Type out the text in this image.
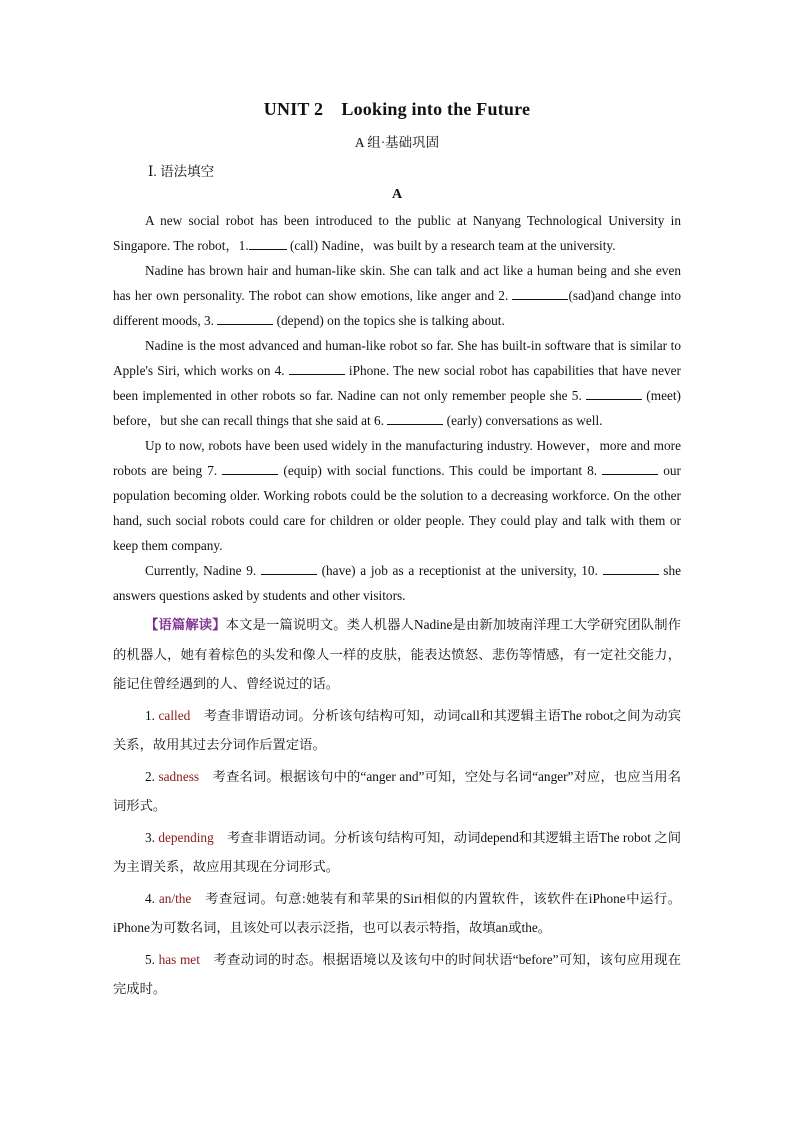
UNIT 2　Looking into the Future
A 组·基础巩固
Ⅰ. 语法填空
A

A new social robot has been introduced to the public at Nanyang Technological University in Singapore. The robot，1.	(call) Nadine，was built by a research team at the university.

Nadine has brown hair and human-like skin. She can talk and act like a human being and she even has her own personality. The robot can show emotions, like anger and 2.	(sad)and change into different moods, 3.	(depend) on the topics she is talking about.

Nadine is the most advanced and human-like robot so far. She has built-in software that is similar to Apple's Siri, which works on 4.	iPhone. The new social robot has capabilities that have never been implemented in other robots so far. Nadine can not only remember people she 5.	(meet) before，but she can recall things that she said at 6.	(early) conversations as well.

Up to now, robots have been used widely in the manufacturing industry. However，more and more robots are being 7.	(equip) with social functions. This could be important 8.	our population becoming older. Working robots could be the solution to a decreasing workforce. On the other hand, such social robots could care for children or older people. They could play and talk with them or keep them company.

Currently, Nadine 9.	(have) a job as a receptionist at the university, 10.	she answers questions asked by students and other visitors.

【语篇解读】本文是一篇说明文。类人机器人Nadine是由新加坡南洋理工大学研究团队制作的机器人，她有着棕色的头发和像人一样的皮肤，能表达愤怒、悲伤等情感，有一定社交能力，能记住曾经遇到的人、曾经说过的话。

1. called  考查非谓语动词。分析该句结构可知，动词call和其逻辑主语The robot之间为动宾关系，故用其过去分词作后置定语。

2. sadness  考查名词。根据该句中的“anger and”可知，空处与名词“anger”对应，也应当用名词形式。

3. depending  考查非谓语动词。分析该句结构可知，动词depend和其逻辑主语The robot 之间为主谓关系，故应用其现在分词形式。

4. an/the  考查冠词。句意:她装有和苹果的Siri相似的内置软件，该软件在iPhone中运行。iPhone为可数名词，且该处可以表示泛指，也可以表示特指，故填an或the。

5. has met  考查动词的时态。根据语境以及该句中的时间状语“before”可知，该句应用现在完成时。
